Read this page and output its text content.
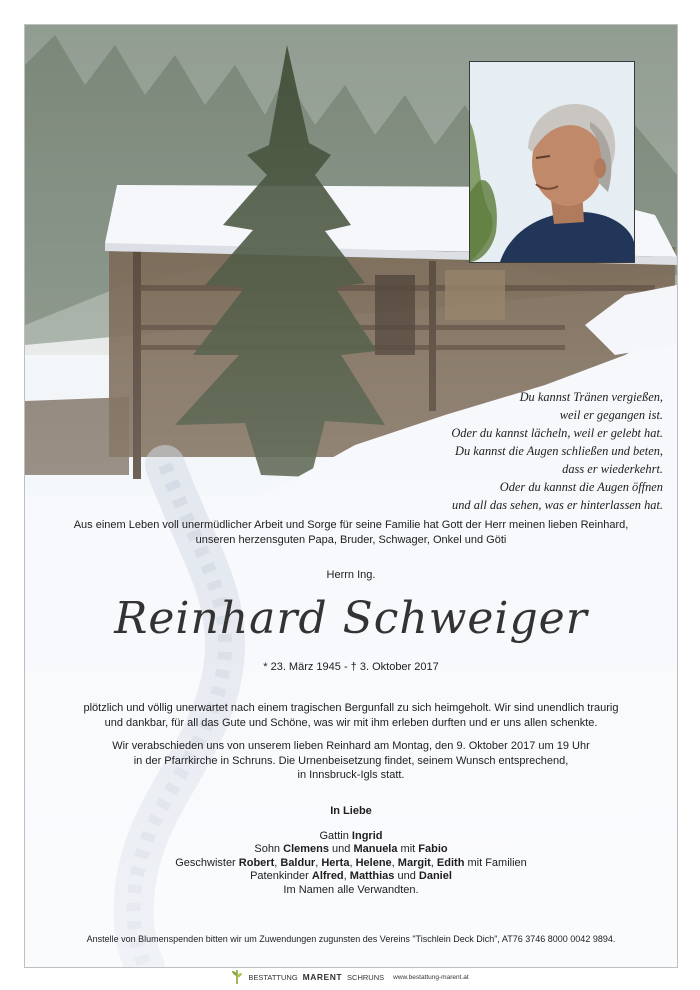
Du kannst Tränen vergießen,
weil er gegangen ist.
Oder du kannst lächeln, weil er gelebt hat.
Du kannst die Augen schließen und beten,
dass er wiederkehrt.
Oder du kannst die Augen öffnen
und all das sehen, was er hinterlassen hat.
Aus einem Leben voll unermüdlicher Arbeit und Sorge für seine Familie hat Gott der Herr meinen lieben Reinhard,
unseren herzensguten Papa, Bruder, Schwager, Onkel und Göti
Herrn Ing.
Reinhard Schweiger
* 23. März 1945 - † 3. Oktober 2017
plötzlich und völlig unerwartet nach einem tragischen Bergunfall zu sich heimgeholt. Wir sind unendlich traurig
und dankbar, für all das Gute und Schöne, was wir mit ihm erleben durften und er uns allen schenkte.
Wir verabschieden uns von unserem lieben Reinhard am Montag, den 9. Oktober 2017 um 19 Uhr
in der Pfarrkirche in Schruns. Die Urnenbeisetzung findet, seinem Wunsch entsprechend,
in Innsbruck-Igls statt.
In Liebe
Gattin Ingrid
Sohn Clemens und Manuela mit Fabio
Geschwister Robert, Baldur, Herta, Helene, Margit, Edith mit Familien
Patenkinder Alfred, Matthias und Daniel
Im Namen alle Verwandten.
Anstelle von Blumenspenden bitten wir um Zuwendungen zugunsten des Vereins "Tischlein Deck Dich", AT76 3746 8000 0042 9894.
BESTATTUNG MARENT SCHRUNS www.bestattung-marent.at
